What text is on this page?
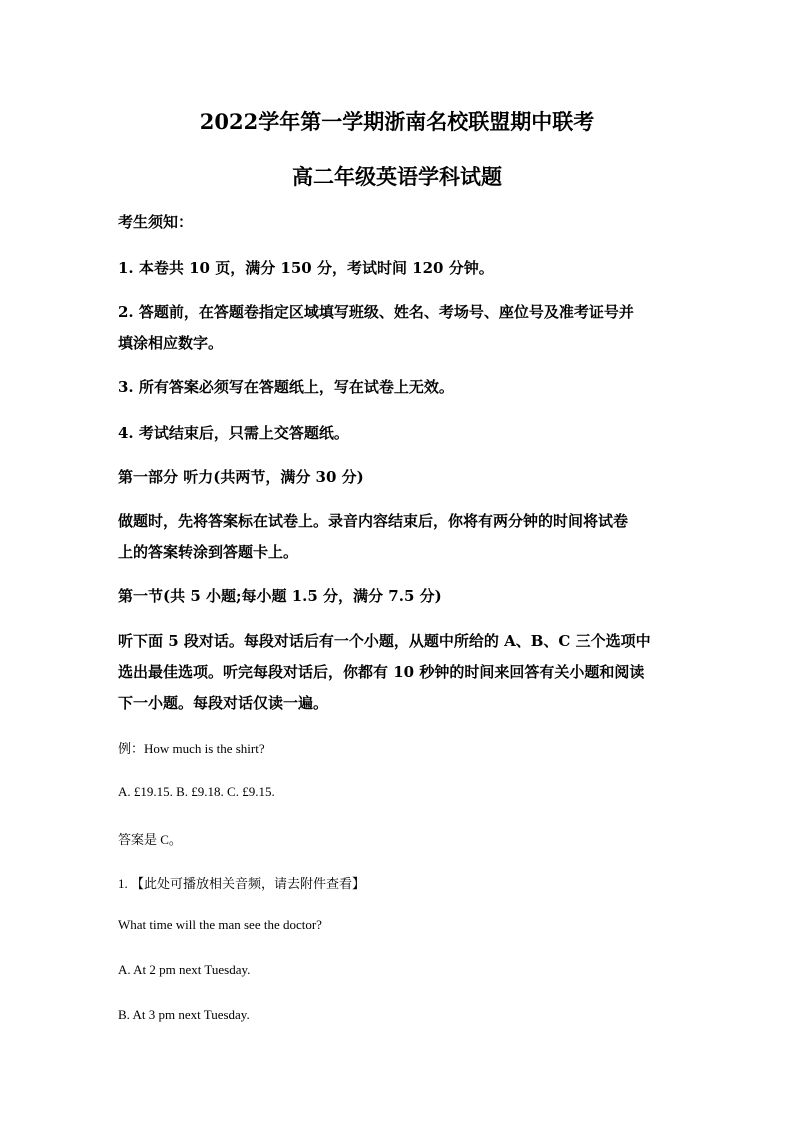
2022学年第一学期浙南名校联盟期中联考
高二年级英语学科试题
考生须知：
1. 本卷共 10 页，满分 150 分，考试时间 120 分钟。
2. 答题前，在答题卷指定区域填写班级、姓名、考场号、座位号及准考证号并
填涂相应数字。
3. 所有答案必须写在答题纸上，写在试卷上无效。
4. 考试结束后，只需上交答题纸。
第一部分 听力(共两节，满分 30 分)
做题时，先将答案标在试卷上。录音内容结束后，你将有两分钟的时间将试卷
上的答案转涂到答题卡上。
第一节(共 5 小题;每小题 1.5 分，满分 7.5 分)
听下面 5 段对话。每段对话后有一个小题，从题中所给的 A、B、C 三个选项中
选出最佳选项。听完每段对话后，你都有 10 秒钟的时间来回答有关小题和阅读
下一小题。每段对话仅读一遍。
例：How much is the shirt?
A. £19.15. B. £9.18. C. £9.15.
答案是 C。
1. 【此处可播放相关音频，请去附件查看】
What time will the man see the doctor?
A. At 2 pm next Tuesday.
B. At 3 pm next Tuesday.
